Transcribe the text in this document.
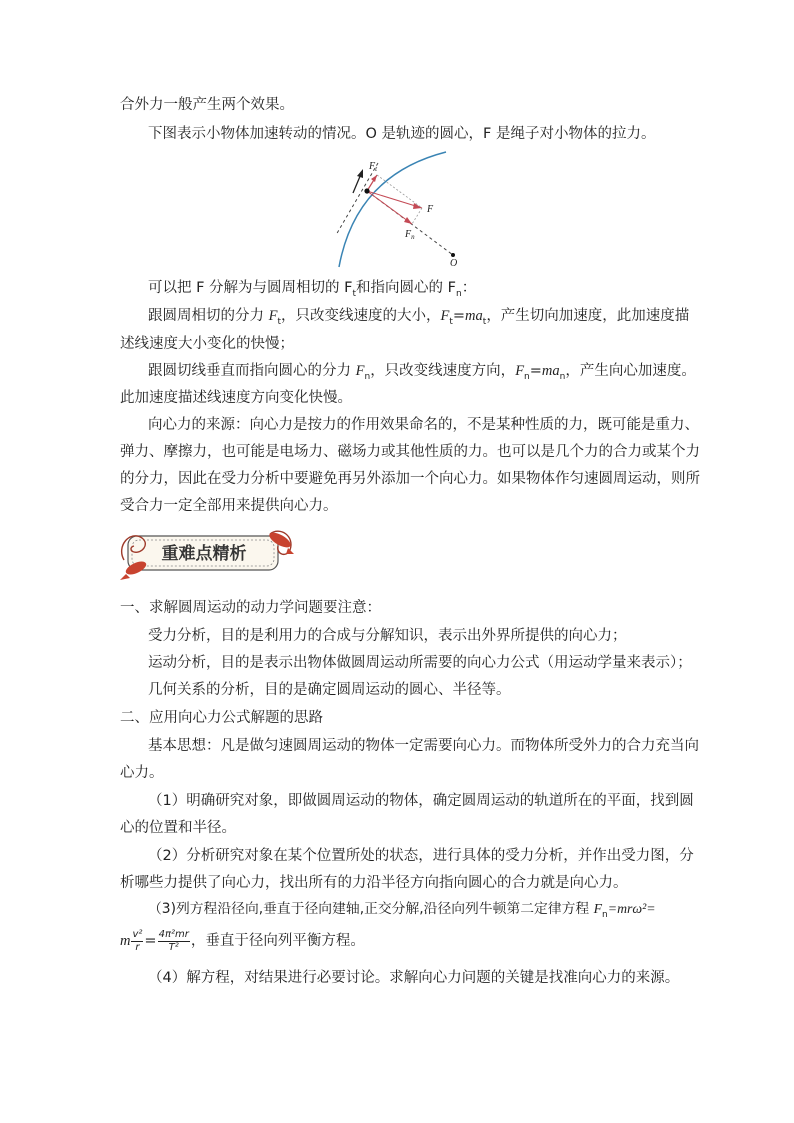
合外力一般产生两个效果。
下图表示小物体加速转动的情况。O 是轨迹的圆心，F 是绳子对小物体的拉力。
$F_t$
F
$F_n$
O
可以把 F 分解为与圆周相切的 $F_t$和指向圆心的 $F_n$：
跟圆周相切的分力 $F_t$，只改变线速度的大小，$F_t=ma_t$，产生切向加速度，此加速度描
述线速度大小变化的快慢；
跟圆切线垂直而指向圆心的分力 $F_n$，只改变线速度方向，$F_n=ma_n$，产生向心加速度。
此加速度描述线速度方向变化快慢。
向心力的来源：向心力是按力的作用效果命名的，不是某种性质的力，既可能是重力、
弹力、摩擦力，也可能是电场力、磁场力或其他性质的力。也可以是几个力的合力或某个力
的分力，因此在受力分析中要避免再另外添加一个向心力。如果物体作匀速圆周运动，则所
受合力一定全部用来提供向心力。
重难点精析
一、求解圆周运动的动力学问题要注意：
受力分析，目的是利用力的合成与分解知识，表示出外界所提供的向心力；
运动分析，目的是表示出物体做圆周运动所需要的向心力公式（用运动学量来表示）；
几何关系的分析，目的是确定圆周运动的圆心、半径等。
二、应用向心力公式解题的思路
基本思想：凡是做匀速圆周运动的物体一定需要向心力。而物体所受外力的合力充当向
心力。
（1）明确研究对象，即做圆周运动的物体，确定圆周运动的轨道所在的平面，找到圆
心的位置和半径。
（2）分析研究对象在某个位置所处的状态，进行具体的受力分析，并作出受力图，分
析哪些力提供了向心力，找出所有的力沿半径方向指向圆心的合力就是向心力。
（3)列方程沿径向,垂直于径向建轴,正交分解,沿径向列牛顿第二定律方程 $F_n=mr\omega^2=$
m $\frac{\text{v²}}{r} = \frac{\text{4π²mr}}{\text{T²}}$ ，垂直于径向列平衡方程。
（4）解方程，对结果进行必要讨论。求解向心力问题的关键是找准向心力的来源。
